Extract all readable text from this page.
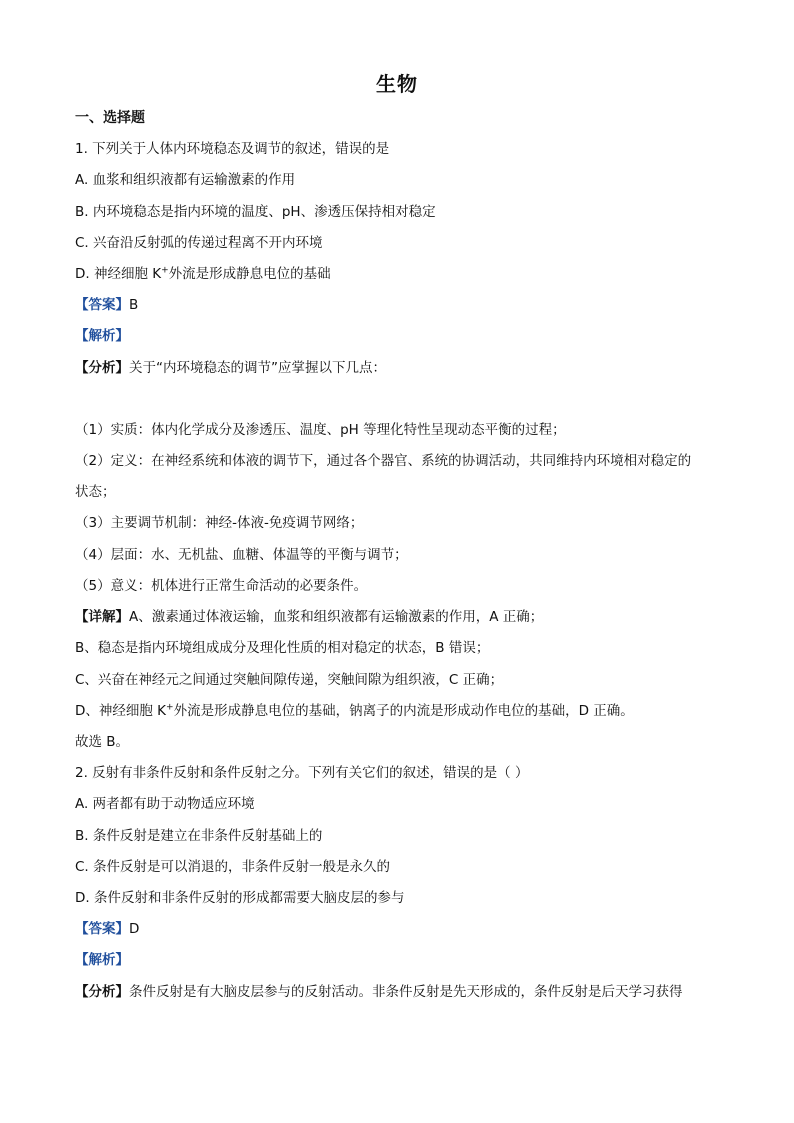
生物
一、选择题
1. 下列关于人体内环境稳态及调节的叙述，错误的是
A. 血浆和组织液都有运输激素的作用
B. 内环境稳态是指内环境的温度、pH、渗透压保持相对稳定
C. 兴奋沿反射弧的传递过程离不开内环境
D. 神经细胞 K+外流是形成静息电位的基础
【答案】B
【解析】
【分析】关于“内环境稳态的调节”应掌握以下几点：
（1）实质：体内化学成分及渗透压、温度、pH 等理化特性呈现动态平衡的过程；
（2）定义：在神经系统和体液的调节下，通过各个器官、系统的协调活动，共同维持内环境相对稳定的
状态；
（3）主要调节机制：神经-体液-免疫调节网络；
（4）层面：水、无机盐、血糖、体温等的平衡与调节；
（5）意义：机体进行正常生命活动的必要条件。
【详解】A、激素通过体液运输，血浆和组织液都有运输激素的作用，A 正确；
B、稳态是指内环境组成成分及理化性质的相对稳定的状态，B 错误；
C、兴奋在神经元之间通过突触间隙传递，突触间隙为组织液，C 正确；
D、神经细胞 K+外流是形成静息电位的基础，钠离子的内流是形成动作电位的基础，D 正确。
故选 B。
2. 反射有非条件反射和条件反射之分。下列有关它们的叙述，错误的是（ ）
A. 两者都有助于动物适应环境
B. 条件反射是建立在非条件反射基础上的
C. 条件反射是可以消退的，非条件反射一般是永久的
D. 条件反射和非条件反射的形成都需要大脑皮层的参与
【答案】D
【解析】
【分析】条件反射是有大脑皮层参与的反射活动。非条件反射是先天形成的，条件反射是后天学习获得
